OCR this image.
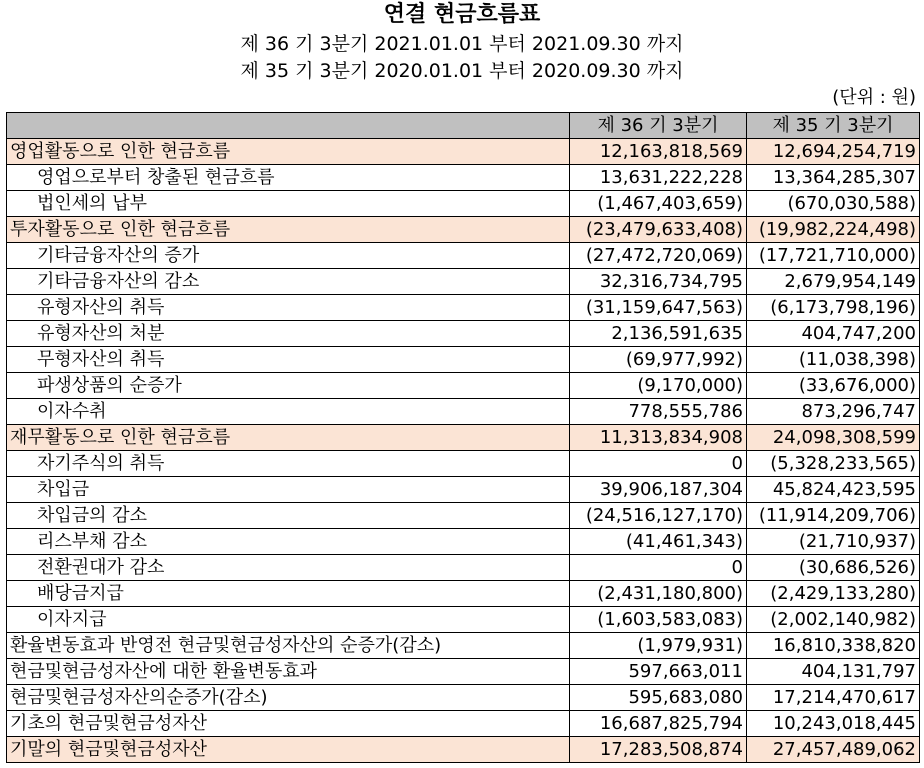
연결 현금흐름표
제 36 기 3분기 2021.01.01 부터 2021.09.30 까지
제 35 기 3분기 2020.01.01 부터 2020.09.30 까지
(단위 : 원)
	제 36 기 3분기	제 35 기 3분기
영업활동으로 인한 현금흐름	12,163,818,569	12,694,254,719
영업으로부터 창출된 현금흐름	13,631,222,228	13,364,285,307
법인세의 납부	(1,467,403,659)	(670,030,588)
투자활동으로 인한 현금흐름	(23,479,633,408)	(19,982,224,498)
기타금융자산의 증가	(27,472,720,069)	(17,721,710,000)
기타금융자산의 감소	32,316,734,795	2,679,954,149
유형자산의 취득	(31,159,647,563)	(6,173,798,196)
유형자산의 처분	2,136,591,635	404,747,200
무형자산의 취득	(69,977,992)	(11,038,398)
파생상품의 순증가	(9,170,000)	(33,676,000)
이자수취	778,555,786	873,296,747
재무활동으로 인한 현금흐름	11,313,834,908	24,098,308,599
자기주식의 취득	0	(5,328,233,565)
차입금	39,906,187,304	45,824,423,595
차입금의 감소	(24,516,127,170)	(11,914,209,706)
리스부채 감소	(41,461,343)	(21,710,937)
전환권대가 감소	0	(30,686,526)
배당금지급	(2,431,180,800)	(2,429,133,280)
이자지급	(1,603,583,083)	(2,002,140,982)
환율변동효과 반영전 현금및현금성자산의 순증가(감소)	(1,979,931)	16,810,338,820
현금및현금성자산에 대한 환율변동효과	597,663,011	404,131,797
현금및현금성자산의순증가(감소)	595,683,080	17,214,470,617
기초의 현금및현금성자산	16,687,825,794	10,243,018,445
기말의 현금및현금성자산	17,283,508,874	27,457,489,062
